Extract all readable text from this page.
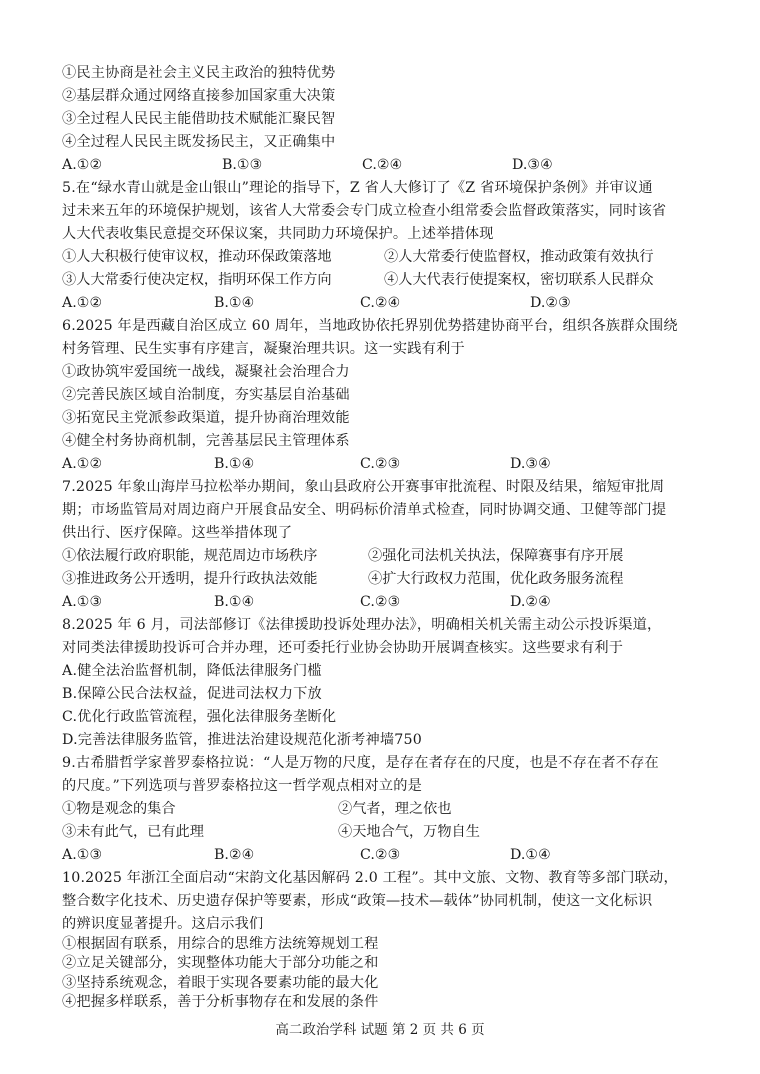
①民主协商是社会主义民主政治的独特优势
②基层群众通过网络直接参加国家重大决策
③全过程人民民主能借助技术赋能汇聚民智
④全过程人民民主既发扬民主，又正确集中
A.①②	B.①③	C.②④	D.③④
5.在“绿水青山就是金山银山”理论的指导下，Z 省人大修订了《Z 省环境保护条例》并审议通
过未来五年的环境保护规划，该省人大常委会专门成立检查小组常委会监督政策落实，同时该省
人大代表收集民意提交环保议案，共同助力环境保护。上述举措体现
①人大积极行使审议权，推动环保政策落地	②人大常委行使监督权，推动政策有效执行
③人大常委行使决定权，指明环保工作方向	④人大代表行使提案权，密切联系人民群众
A.①②	B.①④	C.②④	D.②③
6.2025 年是西藏自治区成立 60 周年，当地政协依托界别优势搭建协商平台，组织各族群众围绕
村务管理、民生实事有序建言，凝聚治理共识。这一实践有利于
①政协筑牢爱国统一战线，凝聚社会治理合力
②完善民族区域自治制度，夯实基层自治基础
③拓宽民主党派参政渠道，提升协商治理效能
④健全村务协商机制，完善基层民主管理体系
A.①②	B.①④	C.②③	D.③④
7.2025 年象山海岸马拉松举办期间，象山县政府公开赛事审批流程、时限及结果，缩短审批周
期；市场监管局对周边商户开展食品安全、明码标价清单式检查，同时协调交通、卫健等部门提
供出行、医疗保障。这些举措体现了
①依法履行政府职能，规范周边市场秩序	②强化司法机关执法，保障赛事有序开展
③推进政务公开透明，提升行政执法效能	④扩大行政权力范围，优化政务服务流程
A.①③	B.①④	C.②③	D.②④
8.2025 年 6 月，司法部修订《法律援助投诉处理办法》，明确相关机关需主动公示投诉渠道，
对同类法律援助投诉可合并办理，还可委托行业协会协助开展调查核实。这些要求有利于
A.健全法治监督机制，降低法律服务门槛
B.保障公民合法权益，促进司法权力下放
C.优化行政监管流程，强化法律服务垄断化
D.完善法律服务监管，推进法治建设规范化浙考神墙750
9.古希腊哲学家普罗泰格拉说：“人是万物的尺度，是存在者存在的尺度，也是不存在者不存在
的尺度。”下列选项与普罗泰格拉这一哲学观点相对立的是
①物是观念的集合	②气者，理之依也
③未有此气，已有此理	④天地合气，万物自生
A.①③	B.②④	C.②③	D.①④
10.2025 年浙江全面启动“宋韵文化基因解码 2.0 工程”。其中文旅、文物、教育等多部门联动，
整合数字化技术、历史遗存保护等要素，形成“政策—技术—载体”协同机制，使这一文化标识
的辨识度显著提升。这启示我们
①根据固有联系，用综合的思维方法统筹规划工程
②立足关键部分，实现整体功能大于部分功能之和
③坚持系统观念，着眼于实现各要素功能的最大化
④把握多样联系，善于分析事物存在和发展的条件
高二政治学科 试题 第 2 页 共 6 页
